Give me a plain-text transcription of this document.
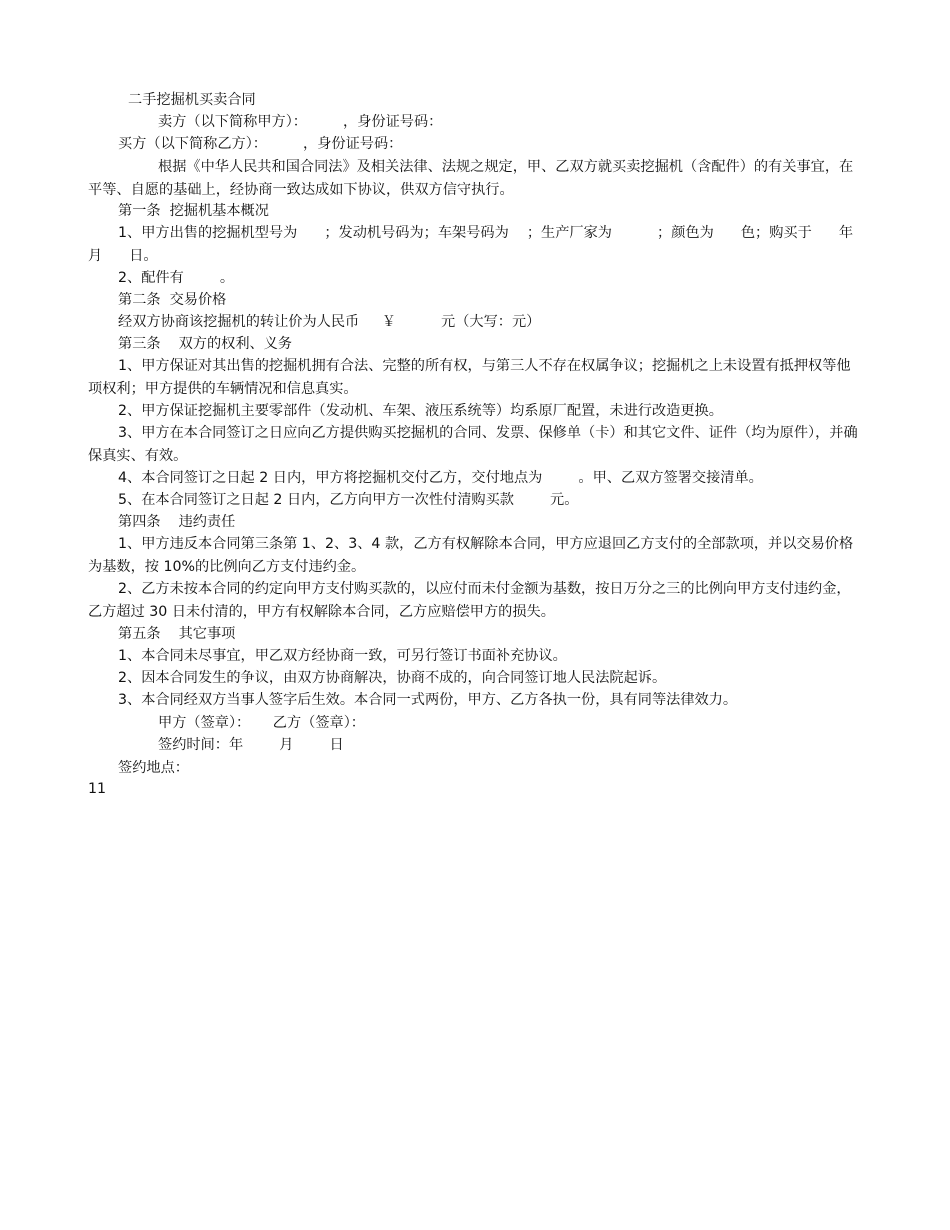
二手挖掘机买卖合同
卖方（以下简称甲方）：        ，身份证号码：
买方（以下简称乙方）：        ，身份证号码：
根据《中华人民共和国合同法》及相关法律、法规之规定，甲、乙双方就买卖挖掘机（含配件）的有关事宜，在平等、自愿的基础上，经协商一致达成如下协议，供双方信守执行。
第一条  挖掘机基本概况
1、甲方出售的挖掘机型号为      ；发动机号码为；车架号码为    ；生产厂家为          ；颜色为      色；购买于      年      月      日。
2、配件有        。
第二条  交易价格
经双方协商该挖掘机的转让价为人民币     ￥          元（大写：元）
第三条    双方的权利、义务
1、甲方保证对其出售的挖掘机拥有合法、完整的所有权，与第三人不存在权属争议；挖掘机之上未设置有抵押权等他项权利；甲方提供的车辆情况和信息真实。
2、甲方保证挖掘机主要零部件（发动机、车架、液压系统等）均系原厂配置，未进行改造更换。
3、甲方在本合同签订之日应向乙方提供购买挖掘机的合同、发票、保修单（卡）和其它文件、证件（均为原件），并确保真实、有效。
4、本合同签订之日起 2 日内，甲方将挖掘机交付乙方，交付地点为        。甲、乙双方签署交接清单。
5、在本合同签订之日起 2 日内，乙方向甲方一次性付清购买款        元。
第四条    违约责任
1、甲方违反本合同第三条第 1、2、3、4 款，乙方有权解除本合同，甲方应退回乙方支付的全部款项，并以交易价格为基数，按 10%的比例向乙方支付违约金。
2、乙方未按本合同的约定向甲方支付购买款的，以应付而未付金额为基数，按日万分之三的比例向甲方支付违约金，乙方超过 30 日未付清的，甲方有权解除本合同，乙方应赔偿甲方的损失。
第五条    其它事项
1、本合同未尽事宜，甲乙双方经协商一致，可另行签订书面补充协议。
2、因本合同发生的争议，由双方协商解决，协商不成的，向合同签订地人民法院起诉。
3、本合同经双方当事人签字后生效。本合同一式两份，甲方、乙方各执一份，具有同等法律效力。
甲方（签章）：     乙方（签章）：
签约时间：年        月        日
签约地点：
11
